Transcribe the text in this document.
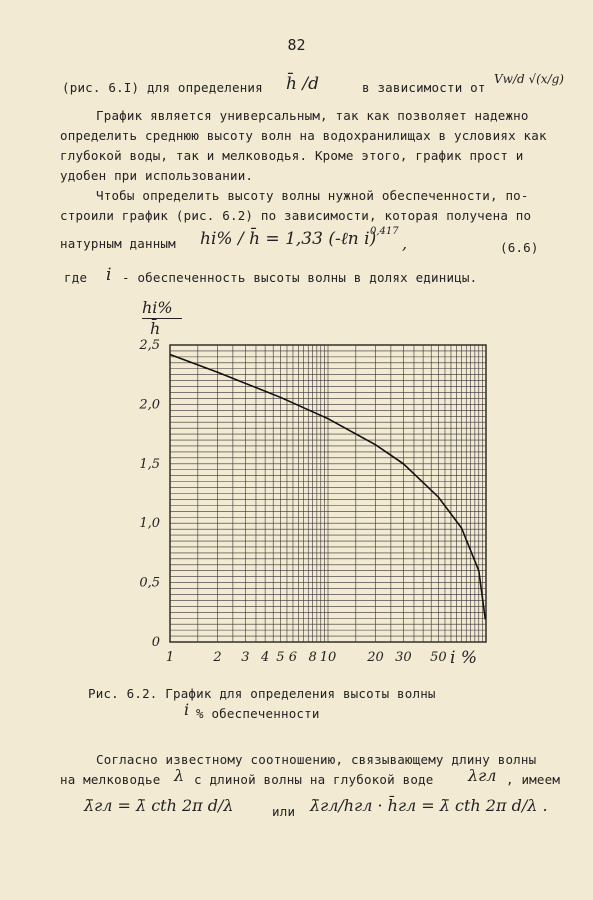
82
(рис. 6.I) для определения h̄ /d	в зависимости от
Vw/d √(x/g)
График является универсальным, так как позволяет надежно
определить среднюю высоту волн на водохранилищах в условиях как
глубокой воды, так и мелководья. Кроме этого, график прост и
удобен при использовании.
Чтобы определить высоту волны нужной обеспеченности, по-
строили график (рис. 6.2) по зависимости, которая получена по
натурным данным hi% / h̄ = 1,33 (-ℓn i)
0,417
,	(6.6)
где i - обеспеченность высоты волны в долях единицы.
hi%
h̄
0
0,5
1,0
1,5
2,0
2,5
1	2 3 4 5 6 8 10 20 30 50 i %
Рис. 6.2. График для определения высоты волны
i % обеспеченности
Согласно известному соотношению, связывающему длину волны
на мелководье λ с длиной волны на глубокой воде λгл , имеем
λ̄гл = λ̄ cth 2π d/λ	или λ̄гл/hгл · h̄гл = λ̄ cth 2π d/λ .
